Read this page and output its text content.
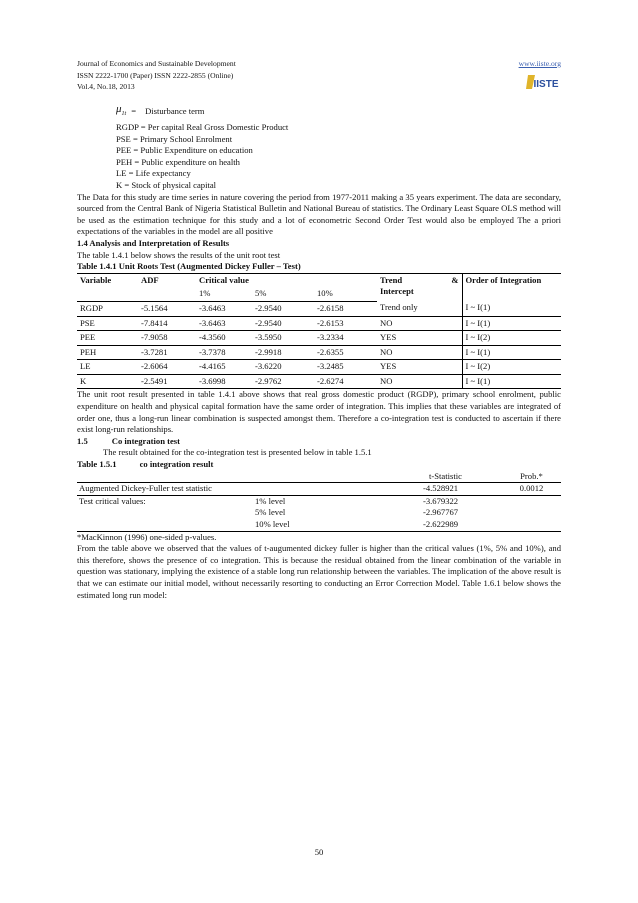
Journal of Economics and Sustainable Development
ISSN 2222-1700 (Paper) ISSN 2222-2855 (Online)
Vol.4, No.18, 2013
www.iiste.org
IISTE
$\mu_{1t}$ = Disturbance term
RGDP = Per capital Real Gross Domestic Product
PSE = Primary School Enrolment
PEE = Public Expenditure on education
PEH = Public expenditure on health
LE = Life expectancy
K = Stock of physical capital

The Data for this study are time series in nature covering the period from 1977-2011 making a 35 years experiment. The data are secondary, sourced from the Central Bank of Nigeria Statistical Bulletin and National Bureau of statistics. The Ordinary Least Square OLS method will be used as the estimation technique for this study and a lot of econometric Second Order Test would also be employed The a priori expectations of the variables in the model are all positive

1.4 Analysis and Interpretation of Results
The table 1.4.1 below shows the results of the unit root test
Table 1.4.1 Unit Roots Test (Augmented Dickey Fuller – Test)
Variable	ADF	Critical value			Trend &
Intercept	Order of Integration
		1%	5%	10%		
RGDP	-5.1564	-3.6463	-2.9540	-2.6158	Trend only	I ~ I(1)
PSE	-7.8414	-3.6463	-2.9540	-2.6153	NO	I ~ I(1)
PEE	-7.9058	-4.3560	-3.5950	-3.2334	YES	I ~ I(2)
PEH	-3.7281	-3.7378	-2.9918	-2.6355	NO	I ~ I(1)
LE	-2.6064	-4.4165	-3.6220	-3.2485	YES	I ~ I(2)
K	-2.5491	-3.6998	-2.9762	-2.6274	NO	I ~ I(1)

The unit root result presented in table 1.4.1 above shows that real gross domestic product (RGDP), primary school enrolment, public expenditure on health and physical capital formation have the same order of integration. This implies that these variables are integrated of order one, thus a long-run linear combination is suspected amongst them. Therefore a co-integration test is conducted to ascertain if there exist long-run relationships.

1.5	Co integration test
The result obtained for the co-integration test is presented below in table 1.5.1
Table 1.5.1	co integration result
		t-Statistic	Prob.*
Augmented Dickey-Fuller test statistic		-4.528921	0.0012
Test critical values:	1% level	-3.679322	
	5% level	-2.967767	
	10% level	-2.622989	
*MacKinnon (1996) one-sided p-values.

From the table above we observed that the values of t-augumented dickey fuller is higher than the critical values (1%, 5% and 10%), and this therefore, shows the presence of co integration. This is because the residual obtained from the linear combination of the variable in question was stationary, implying the existence of a stable long run relationship between the variables. The implication of the above result is that we can estimate our initial model, without necessarily resorting to conducting an Error Correction Model. Table 1.6.1 below shows the estimated long run model:

50
